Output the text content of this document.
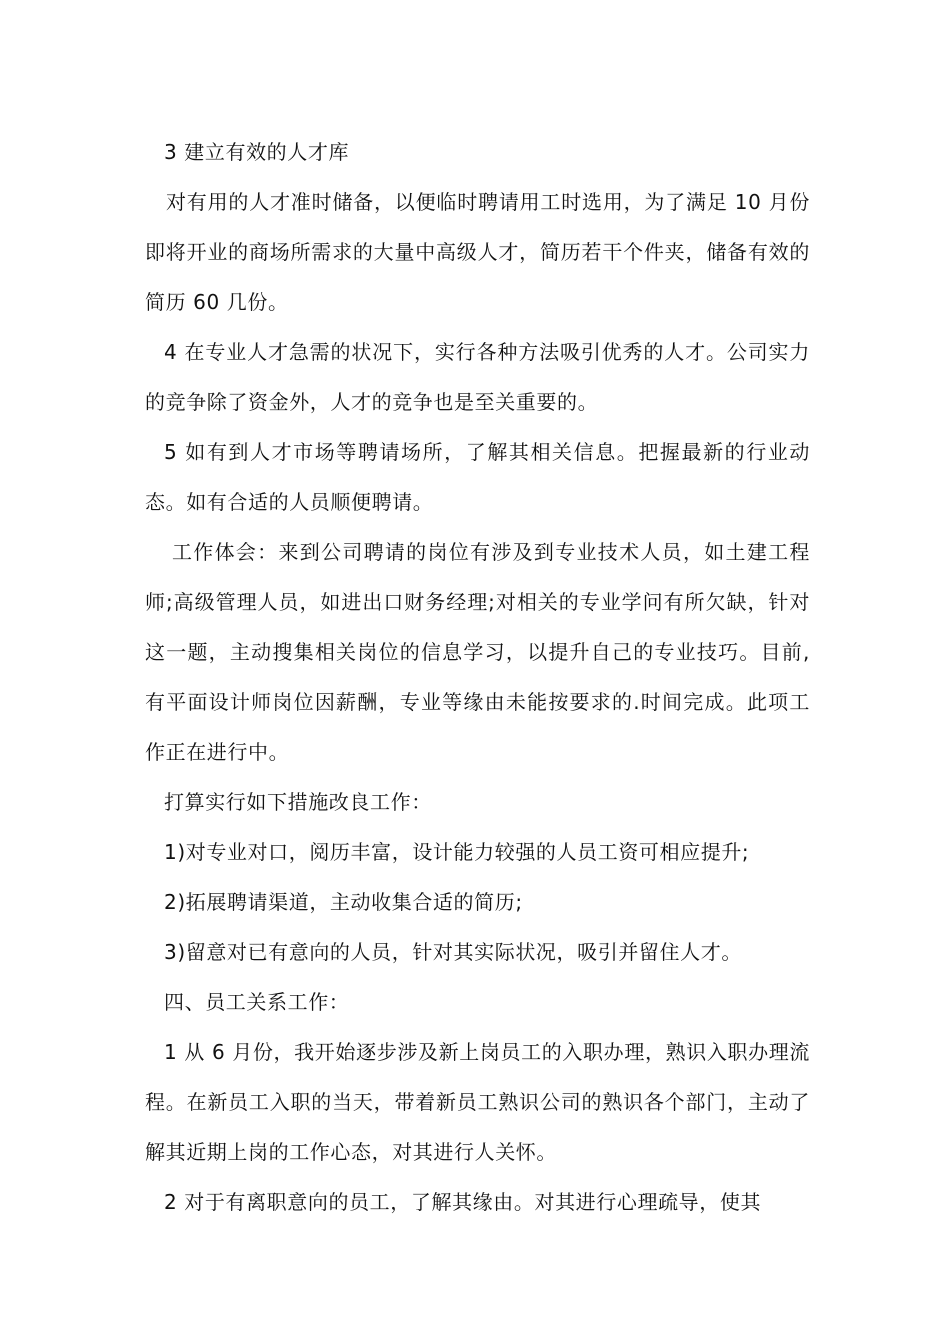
3 建立有效的人才库

对有用的人才准时储备，以便临时聘请用工时选用，为了满足 10 月份即将开业的商场所需求的大量中高级人才，简历若干个件夹，储备有效的简历 60 几份。

4 在专业人才急需的状况下，实行各种方法吸引优秀的人才。公司实力的竞争除了资金外，人才的竞争也是至关重要的。

5 如有到人才市场等聘请场所，了解其相关信息。把握最新的行业动态。如有合适的人员顺便聘请。

工作体会：来到公司聘请的岗位有涉及到专业技术人员，如土建工程师;高级管理人员，如进出口财务经理;对相关的专业学问有所欠缺，针对这一题，主动搜集相关岗位的信息学习，以提升自己的专业技巧。目前,有平面设计师岗位因薪酬，专业等缘由未能按要求的.时间完成。此项工作正在进行中。

打算实行如下措施改良工作：

1)对专业对口，阅历丰富，设计能力较强的人员工资可相应提升;

2)拓展聘请渠道，主动收集合适的简历;

3)留意对已有意向的人员，针对其实际状况，吸引并留住人才。

四、员工关系工作：

1 从 6 月份，我开始逐步涉及新上岗员工的入职办理，熟识入职办理流程。在新员工入职的当天，带着新员工熟识公司的熟识各个部门，主动了解其近期上岗的工作心态，对其进行人关怀。

2 对于有离职意向的员工，了解其缘由。对其进行心理疏导，使其
